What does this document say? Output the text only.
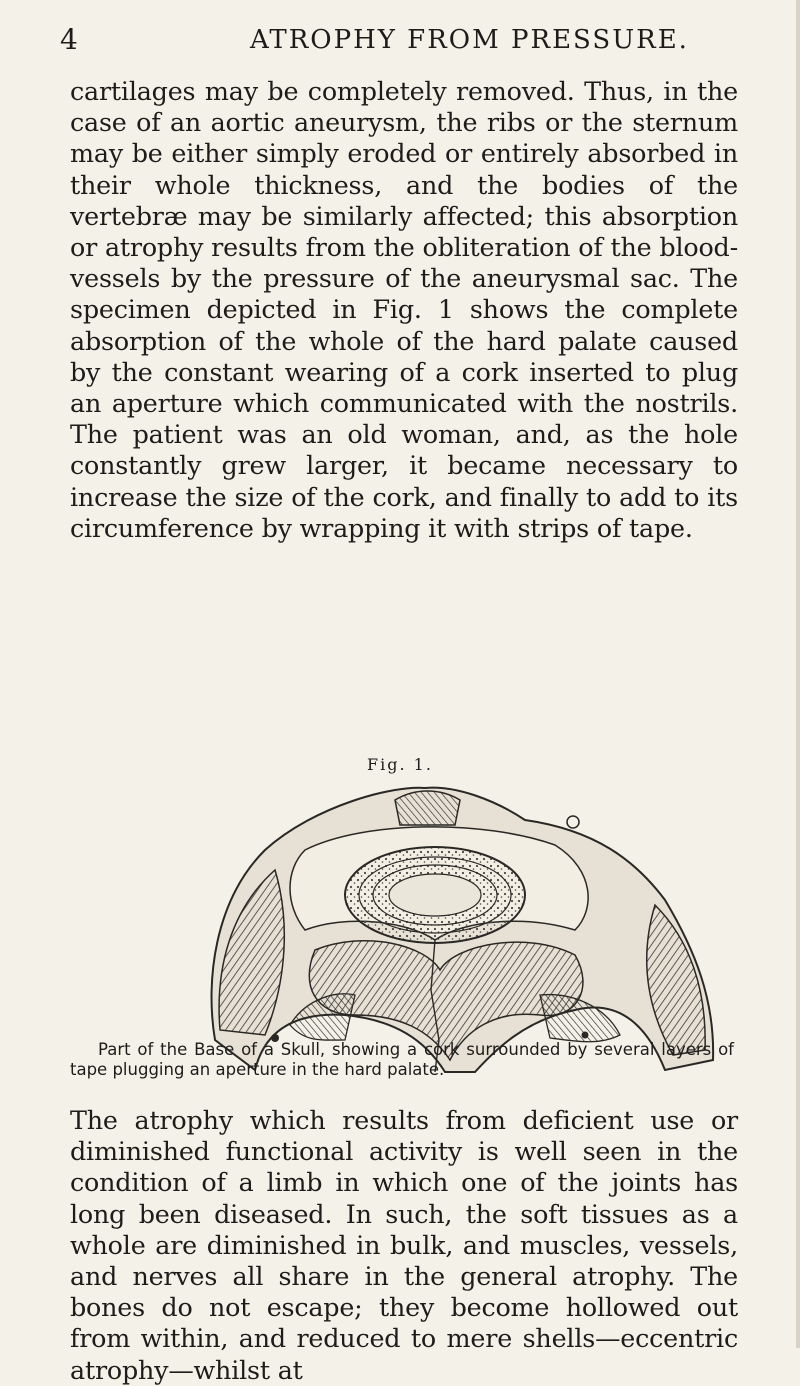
4	ATROPHY FROM PRESSURE.

cartilages may be completely removed. Thus, in the case of an aortic aneurysm, the ribs or the sternum may be either simply eroded or entirely absorbed in their whole thickness, and the bodies of the vertebræ may be similarly affected; this absorption or atrophy results from the obliteration of the blood-vessels by the pressure of the aneurysmal sac. The specimen depicted in Fig. 1 shows the complete absorption of the whole of the hard palate caused by the constant wearing of a cork inserted to plug an aperture which communicated with the nostrils. The patient was an old woman, and, as the hole constantly grew larger, it became necessary to increase the size of the cork, and finally to add to its circumference by wrapping it with strips of tape.

Fig. 1.

Part of the Base of a Skull, showing a cork surrounded by several layers of tape plugging an aperture in the hard palate.

The atrophy which results from deficient use or diminished functional activity is well seen in the condition of a limb in which one of the joints has long been diseased. In such, the soft tissues as a whole are diminished in bulk, and muscles, vessels, and nerves all share in the general atrophy. The bones do not escape; they become hollowed out from within, and reduced to mere shells—eccentric atrophy—whilst at
